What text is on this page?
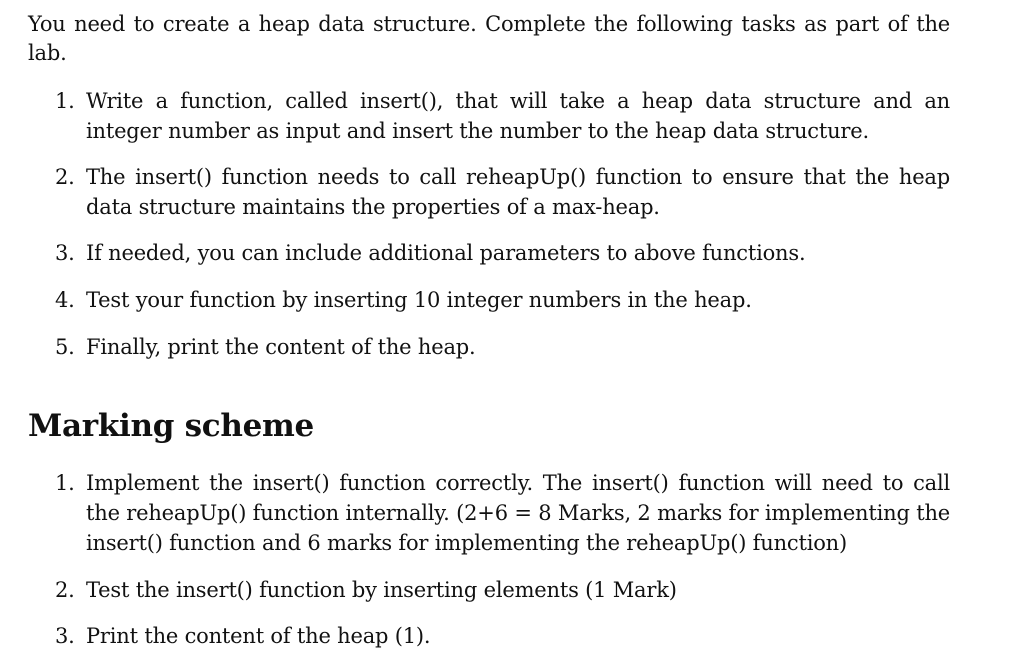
You need to create a heap data structure. Complete the following tasks as part of the lab.

1. Write a function, called insert(), that will take a heap data structure and an integer number as input and insert the number to the heap data structure.
2. The insert() function needs to call reheapUp() function to ensure that the heap data structure maintains the properties of a max-heap.
3. If needed, you can include additional parameters to above functions.
4. Test your function by inserting 10 integer numbers in the heap.
5. Finally, print the content of the heap.
Marking scheme
1. Implement the insert() function correctly. The insert() function will need to call the reheapUp() function internally. (2+6 = 8 Marks, 2 marks for implementing the insert() function and 6 marks for implementing the reheapUp() function)
2. Test the insert() function by inserting elements (1 Mark)
3. Print the content of the heap (1).
